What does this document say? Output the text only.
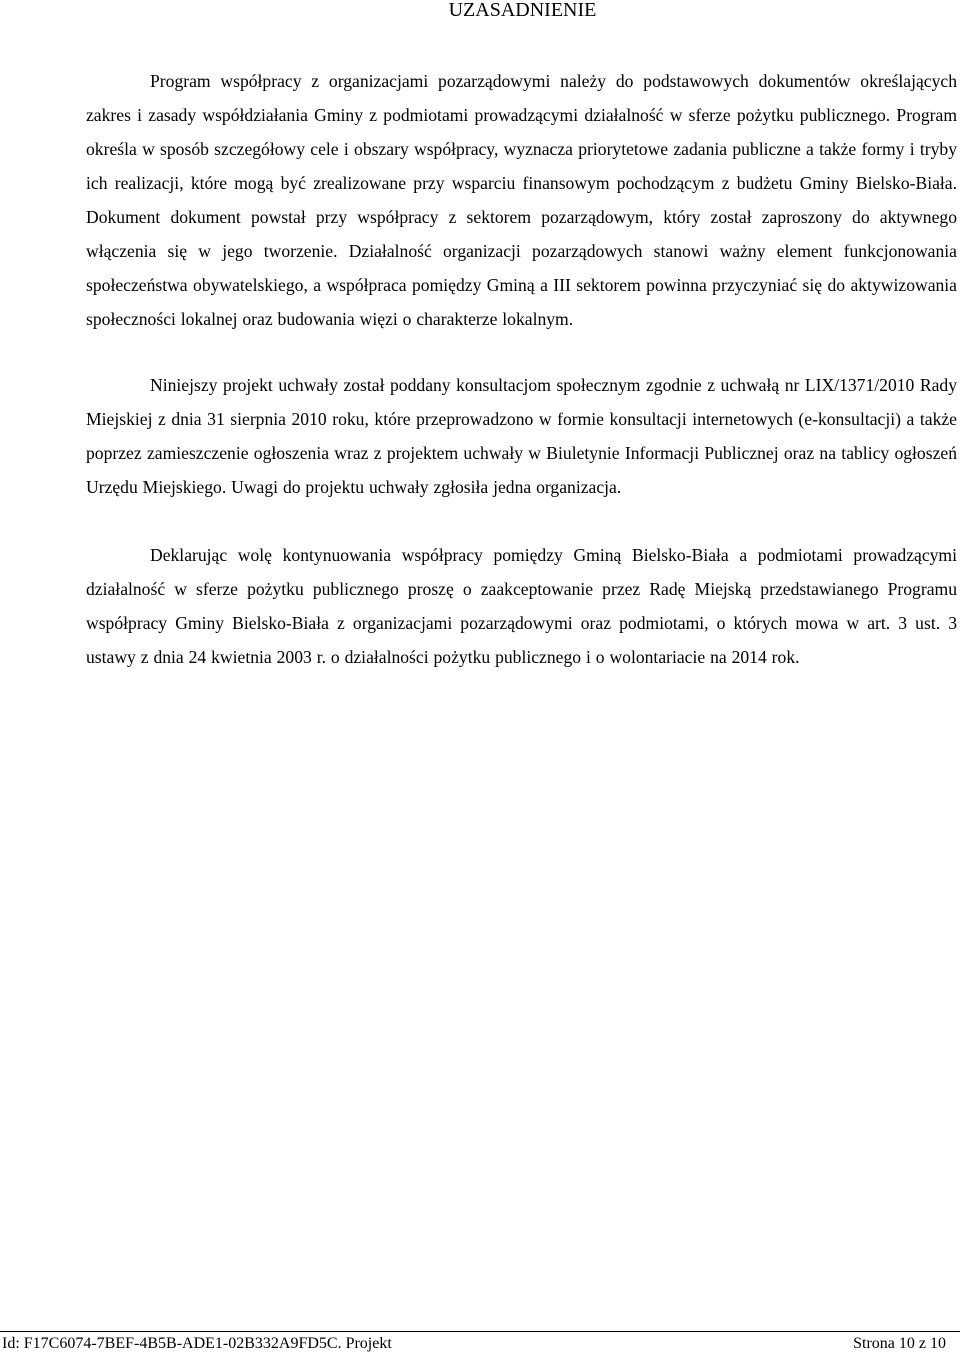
UZASADNIENIE

Program współpracy z organizacjami pozarządowymi należy do podstawowych dokumentów określających zakres i zasady współdziałania Gminy z podmiotami prowadzącymi działalność w sferze pożytku publicznego. Program określa w sposób szczegółowy cele i obszary współpracy, wyznacza priorytetowe zadania publiczne a także formy i tryby ich realizacji, które mogą być zrealizowane przy wsparciu finansowym pochodzącym z budżetu Gminy Bielsko-Biała. Dokument dokument powstał przy współpracy z sektorem pozarządowym, który został zaproszony do aktywnego włączenia się w jego tworzenie. Działalność organizacji pozarządowych stanowi ważny element funkcjonowania społeczeństwa obywatelskiego, a współpraca pomiędzy Gminą a III sektorem powinna przyczyniać się do aktywizowania społeczności lokalnej oraz budowania więzi o charakterze lokalnym.

Niniejszy projekt uchwały został poddany konsultacjom społecznym zgodnie z uchwałą nr LIX/1371/2010 Rady Miejskiej z dnia 31 sierpnia 2010 roku, które przeprowadzono w formie konsultacji internetowych (e-konsultacji) a także poprzez zamieszczenie ogłoszenia wraz z projektem uchwały w Biuletynie Informacji Publicznej oraz na tablicy ogłoszeń Urzędu Miejskiego. Uwagi do projektu uchwały zgłosiła jedna organizacja.

Deklarując wolę kontynuowania współpracy pomiędzy Gminą Bielsko-Biała a podmiotami prowadzącymi działalność w sferze pożytku publicznego proszę o zaakceptowanie przez Radę Miejską przedstawianego Programu współpracy Gminy Bielsko-Biała z organizacjami pozarządowymi oraz podmiotami, o których mowa w art. 3 ust. 3 ustawy z dnia 24 kwietnia 2003 r. o działalności pożytku publicznego i o wolontariacie na 2014 rok.

Id: F17C6074-7BEF-4B5B-ADE1-02B332A9FD5C. Projekt	Strona 10 z 10
